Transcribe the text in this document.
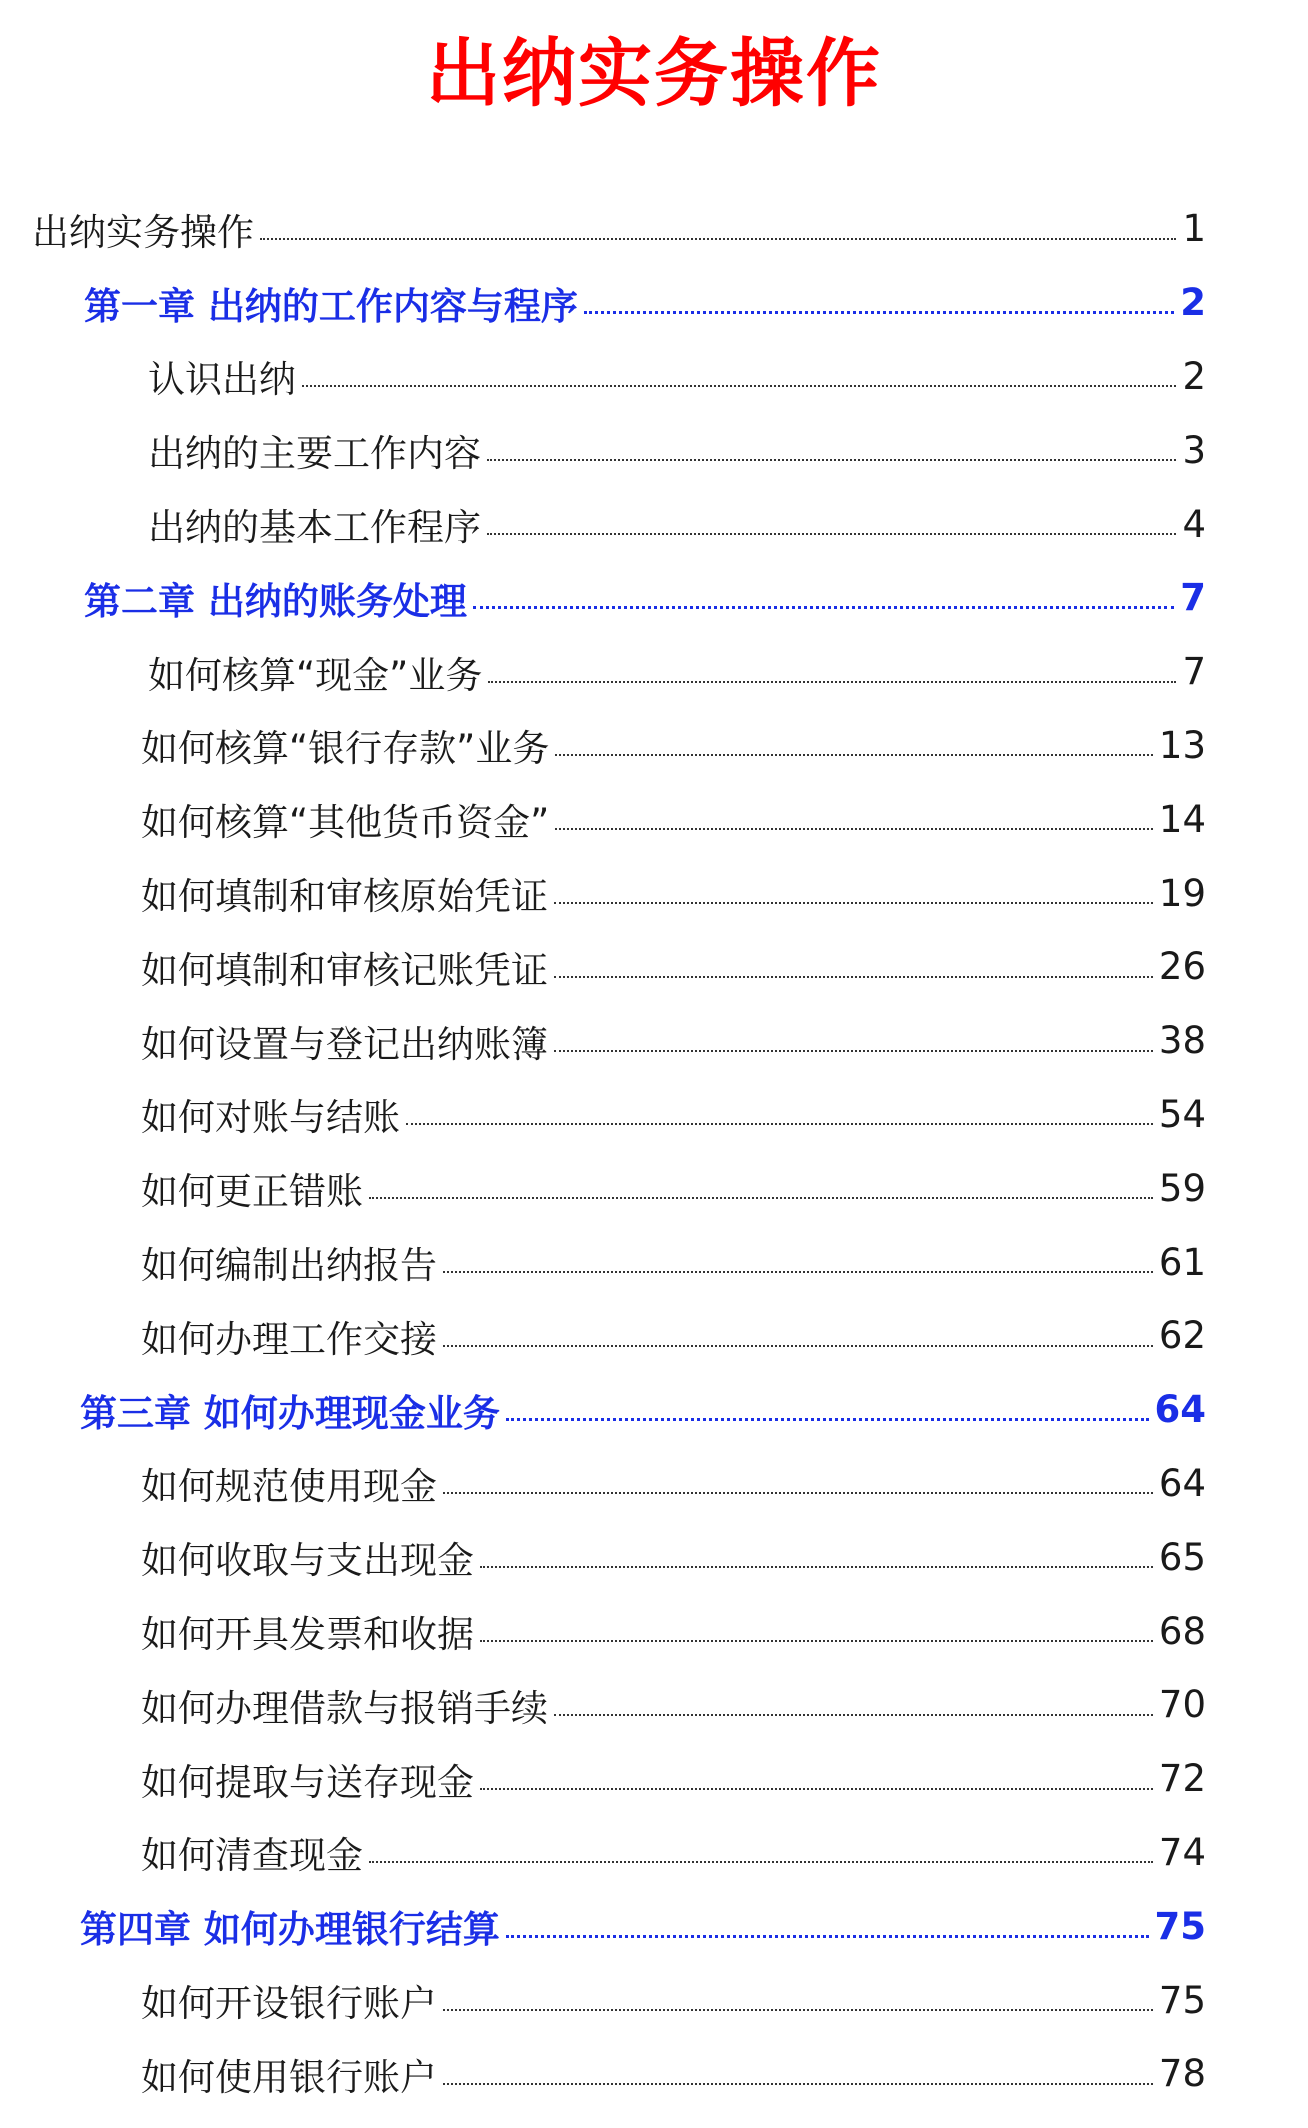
出纳实务操作
出纳实务操作	1
第一章 出纳的工作内容与程序	2
认识出纳	2
出纳的主要工作内容	3
出纳的基本工作程序	4
第二章 出纳的账务处理	7
如何核算“现金”业务	7
如何核算“银行存款”业务	13
如何核算“其他货币资金”	14
如何填制和审核原始凭证	19
如何填制和审核记账凭证	26
如何设置与登记出纳账簿	38
如何对账与结账	54
如何更正错账	59
如何编制出纳报告	61
如何办理工作交接	62
第三章 如何办理现金业务	64
如何规范使用现金	64
如何收取与支出现金	65
如何开具发票和收据	68
如何办理借款与报销手续	70
如何提取与送存现金	72
如何清查现金	74
第四章 如何办理银行结算	75
如何开设银行账户	75
如何使用银行账户	78
